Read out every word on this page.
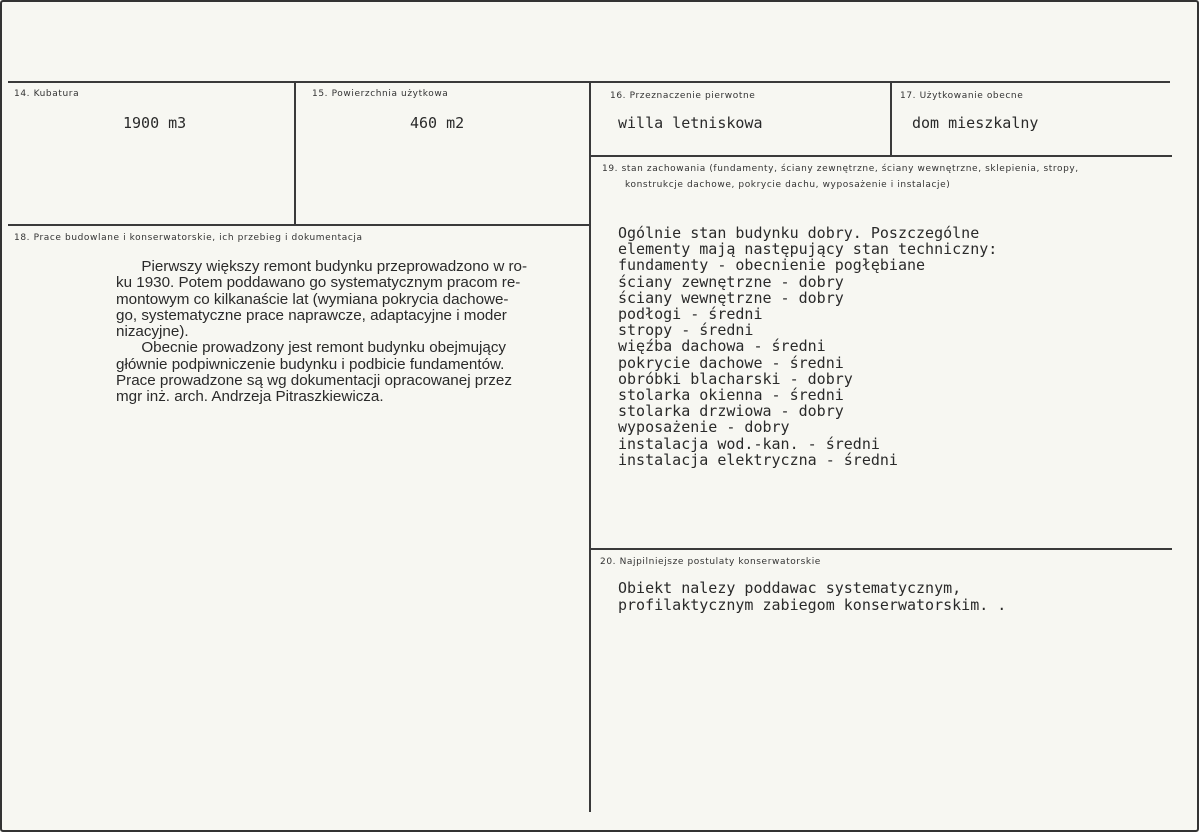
14. Kubatura
1900 m3
15. Powierzchnia użytkowa
460 m2
16. Przeznaczenie pierwotne
willa letniskowa
17. Użytkowanie obecne
dom mieszkalny
18. Prace budowlane i konserwatorskie, ich przebieg i dokumentacja
Pierwszy większy remont budynku przeprowadzono w ro-
ku 1930. Potem poddawano go systematycznym pracom re-
montowym co kilkanaście lat (wymiana pokrycia dachowe-
go, systematyczne prace naprawcze, adaptacyjne i moder
nizacyjne).
Obecnie prowadzony jest remont budynku obejmujący
głównie podpiwniczenie budynku i podbicie fundamentów.
Prace prowadzone są wg dokumentacji opracowanej przez
mgr inż. arch. Andrzeja Pitraszkiewicza.
19. stan zachowania (fundamenty, ściany zewnętrzne, ściany wewnętrzne, sklepienia, stropy,
konstrukcje dachowe, pokrycie dachu, wyposażenie i instalacje)
Ogólnie stan budynku dobry. Poszczególne
elementy mają następujący stan techniczny:
fundamenty - obecnienie pogłębiane
ściany zewnętrzne - dobry
ściany wewnętrzne - dobry
podłogi - średni
stropy - średni
więźba dachowa - średni
pokrycie dachowe - średni
obróbki blacharski - dobry
stolarka okienna - średni
stolarka drzwiowa - dobry
wyposażenie - dobry
instalacja wod.-kan. - średni
instalacja elektryczna - średni
20. Najpilniejsze postulaty konserwatorskie
Obiekt nalezy poddawac systematycznym,
profilaktycznym zabiegom konserwatorskim. .
